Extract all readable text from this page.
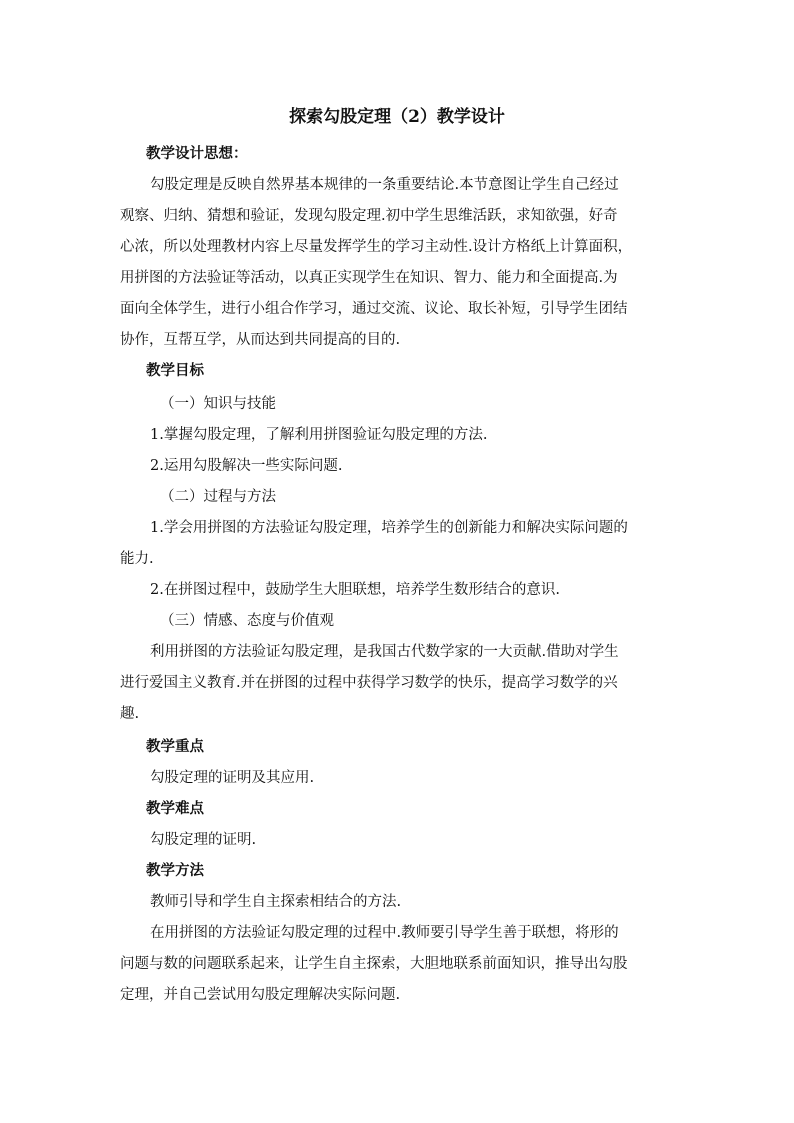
探索勾股定理（2）教学设计
教学设计思想：
勾股定理是反映自然界基本规律的一条重要结论.本节意图让学生自己经过
观察、归纳、猜想和验证，发现勾股定理.初中学生思维活跃，求知欲强，好奇
心浓，所以处理教材内容上尽量发挥学生的学习主动性.设计方格纸上计算面积，
用拼图的方法验证等活动，以真正实现学生在知识、智力、能力和全面提高.为
面向全体学生，进行小组合作学习，通过交流、议论、取长补短，引导学生团结
协作，互帮互学，从而达到共同提高的目的.
教学目标
（一）知识与技能
1.掌握勾股定理，了解利用拼图验证勾股定理的方法.
2.运用勾股解决一些实际问题.
（二）过程与方法
1.学会用拼图的方法验证勾股定理，培养学生的创新能力和解决实际问题的
能力.
2.在拼图过程中，鼓励学生大胆联想，培养学生数形结合的意识.
（三）情感、态度与价值观
利用拼图的方法验证勾股定理，是我国古代数学家的一大贡献.借助对学生
进行爱国主义教育.并在拼图的过程中获得学习数学的快乐，提高学习数学的兴
趣.
教学重点
勾股定理的证明及其应用.
教学难点
勾股定理的证明.
教学方法
教师引导和学生自主探索相结合的方法.
在用拼图的方法验证勾股定理的过程中.教师要引导学生善于联想，将形的
问题与数的问题联系起来，让学生自主探索，大胆地联系前面知识，推导出勾股
定理，并自己尝试用勾股定理解决实际问题.
